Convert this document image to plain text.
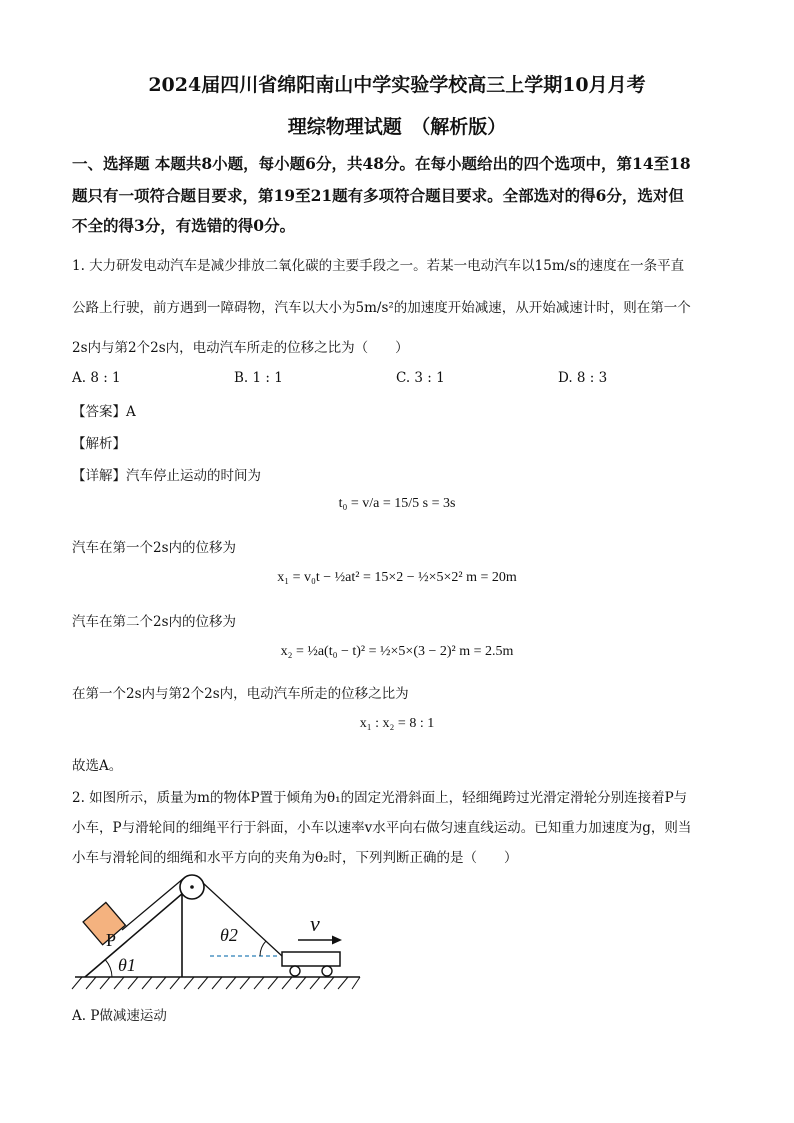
2024届四川省绵阳南山中学实验学校高三上学期10月月考
理综物理试题　（解析版）
一、选择题 本题共8小题，每小题6分，共48分。在每小题给出的四个选项中，第14至18
题只有一项符合题目要求，第19至21题有多项符合题目要求。全部选对的得6分，选对但
不全的得3分，有选错的得0分。
1. 大力研发电动汽车是减少排放二氧化碳的主要手段之一。若某一电动汽车以15m/s的速度在一条平直
公路上行驶，前方遇到一障碍物，汽车以大小为5m/s²的加速度开始减速，从开始减速计时，则在第一个
2s内与第2个2s内，电动汽车所走的位移之比为（　　）
A. 8 : 1	B. 1 : 1	C. 3 : 1	D. 8 : 3
【答案】A
【解析】
【详解】汽车停止运动的时间为
t₀ = v/a = 15/5 s = 3s
汽车在第一个2s内的位移为
x₁ = v₀t − ½at² = 15×2 − ½×5×2² m = 20m
汽车在第二个2s内的位移为
x₂ = ½a(t₀ − t)² = ½×5×(3 − 2)² m = 2.5m
在第一个2s内与第2个2s内，电动汽车所走的位移之比为
x₁ : x₂ = 8 : 1
故选A。
2. 如图所示，质量为m的物体P置于倾角为θ₁的固定光滑斜面上，轻细绳跨过光滑定滑轮分别连接着P与
小车，P与滑轮间的细绳平行于斜面，小车以速率v水平向右做匀速直线运动。已知重力加速度为g，则当
小车与滑轮间的细绳和水平方向的夹角为θ₂时，下列判断正确的是（　　）
P
θ1
θ2	v
A. P做减速运动
